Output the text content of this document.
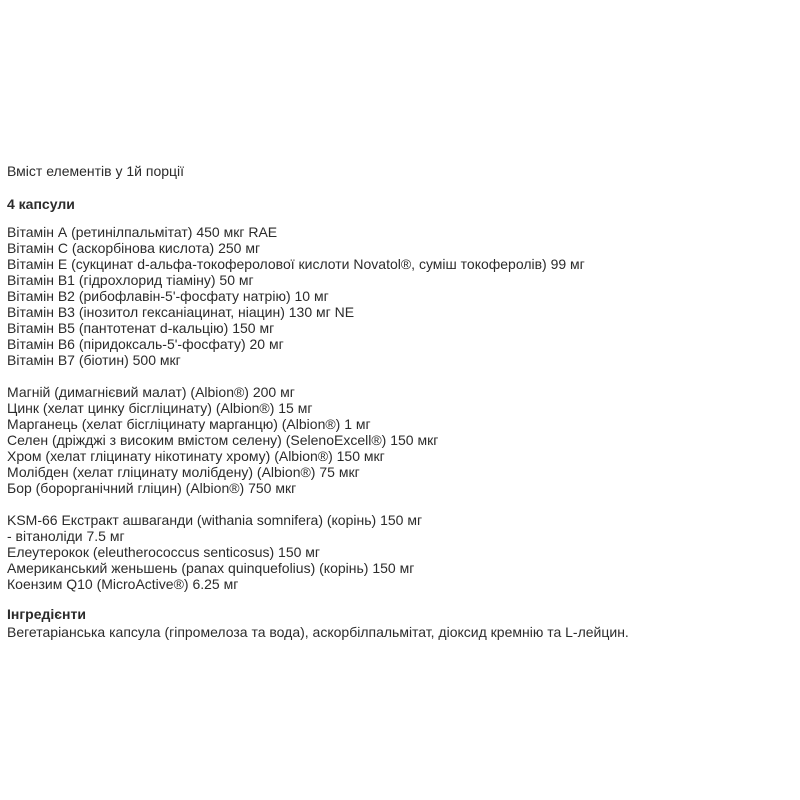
Вміст елементів у 1й порції
4 капсули
Вітамін А (ретинілпальмітат) 450 мкг RAE
Вітамін С (аскорбінова кислота) 250 мг
Вітамін Е (сукцинат d-альфа-токоферолової кислоти Novatol®, суміш токоферолів) 99 мг
Вітамін В1 (гідрохлорид тіаміну) 50 мг
Вітамін В2 (рибофлавін-5'-фосфату натрію) 10 мг
Вітамін В3 (інозитол гексаніацинат, ніацин) 130 мг NE
Вітамін В5 (пантотенат d-кальцію) 150 мг
Вітамін В6 (піридоксаль-5'-фосфату) 20 мг
Вітамін В7 (біотин) 500 мкг
Магній (димагнієвий малат) (Albion®) 200 мг
Цинк (хелат цинку бісгліцинату) (Albion®) 15 мг
Марганець (хелат бісгліцинату марганцю) (Albion®) 1 мг
Селен (дріжджі з високим вмістом селену) (SelenoExcell®) 150 мкг
Хром (хелат гліцинату нікотинату хрому) (Albion®) 150 мкг
Молібден (хелат гліцинату молібдену) (Albion®) 75 мкг
Бор (борорганічний гліцин) (Albion®) 750 мкг
KSM-66 Екстракт ашваганди (withania somnifera) (корінь) 150 мг
- вітаноліди 7.5 мг
Елеутерокок (eleutherococcus senticosus) 150 мг
Американський женьшень (panax quinquefolius) (корінь) 150 мг
Коензим Q10 (MicroActive®) 6.25 мг
Інгредієнти
Вегетаріанська капсула (гіпромелоза та вода), аскорбілпальмітат, діоксид кремнію та L-лейцин.
